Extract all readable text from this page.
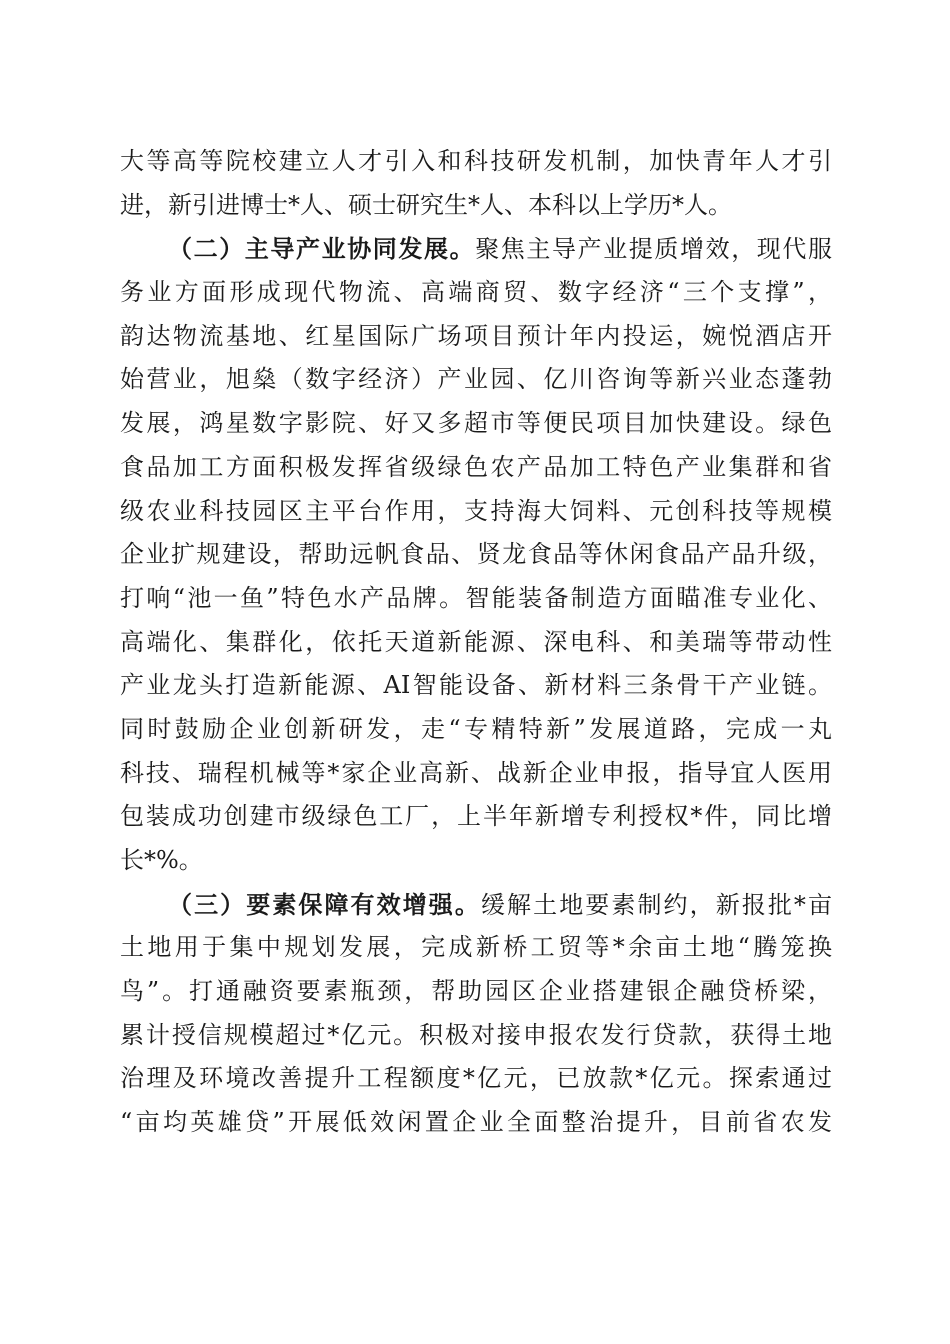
大等高等院校建立人才引入和科技研发机制，加快青年人才引
进，新引进博士*人、硕士研究生*人、本科以上学历*人。
（二）主导产业协同发展。聚焦主导产业提质增效，现代服
务业方面形成现代物流、高端商贸、数字经济“三个支撑”，
韵达物流基地、红星国际广场项目预计年内投运，婉悦酒店开
始营业，旭燊（数字经济）产业园、亿川咨询等新兴业态蓬勃
发展，鸿星数字影院、好又多超市等便民项目加快建设。绿色
食品加工方面积极发挥省级绿色农产品加工特色产业集群和省
级农业科技园区主平台作用，支持海大饲料、元创科技等规模
企业扩规建设，帮助远帆食品、贤龙食品等休闲食品产品升级，
打响“池一鱼”特色水产品牌。智能装备制造方面瞄准专业化、
高端化、集群化，依托天道新能源、深电科、和美瑞等带动性
产业龙头打造新能源、AI智能设备、新材料三条骨干产业链。
同时鼓励企业创新研发，走“专精特新”发展道路，完成一丸
科技、瑞程机械等*家企业高新、战新企业申报，指导宜人医用
包装成功创建市级绿色工厂，上半年新增专利授权*件，同比增
长*%。
（三）要素保障有效增强。缓解土地要素制约，新报批*亩
土地用于集中规划发展，完成新桥工贸等*余亩土地“腾笼换
鸟”。打通融资要素瓶颈，帮助园区企业搭建银企融贷桥梁，
累计授信规模超过*亿元。积极对接申报农发行贷款，获得土地
治理及环境改善提升工程额度*亿元，已放款*亿元。探索通过
“亩均英雄贷”开展低效闲置企业全面整治提升，目前省农发
